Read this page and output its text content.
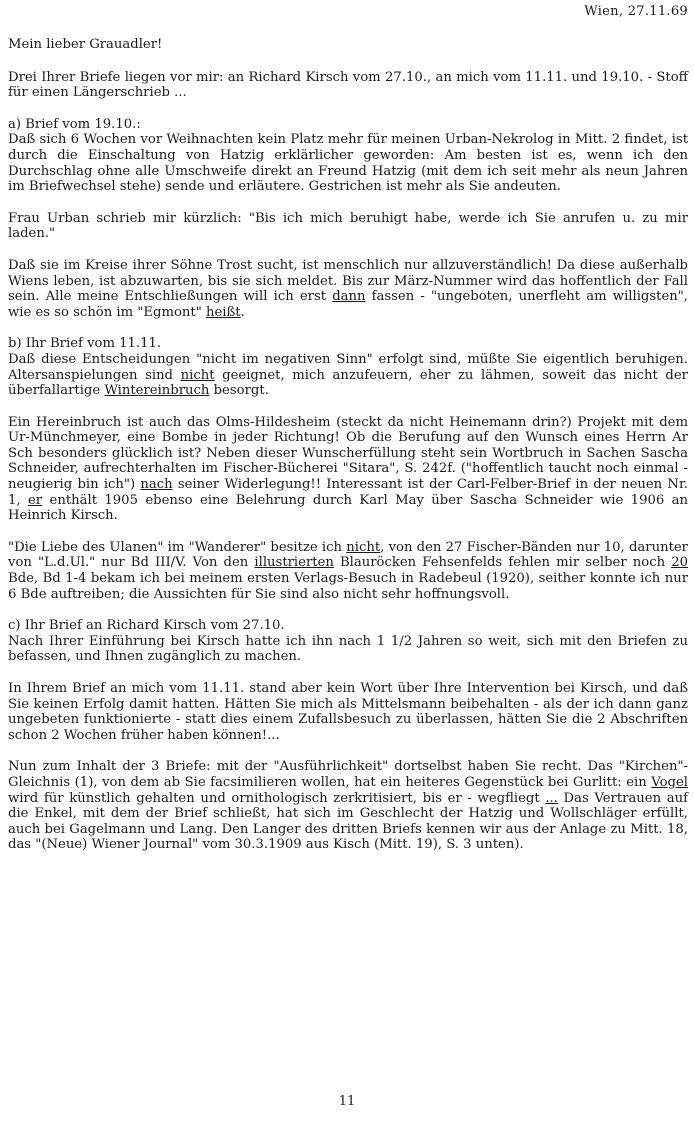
Wien, 27.11.69

Mein lieber Grauadler!

Drei Ihrer Briefe liegen vor mir: an Richard Kirsch vom 27.10., an mich vom 11.11. und 19.10. - Stoff für einen Längerschrieb ...

a) Brief vom 19.10.:

Daß sich 6 Wochen vor Weihnachten kein Platz mehr für meinen Urban-Nekrolog in Mitt. 2 findet, ist durch die Einschaltung von Hatzig erklärlicher geworden: Am besten ist es, wenn ich den Durchschlag ohne alle Umschweife direkt an Freund Hatzig (mit dem ich seit mehr als neun Jahren im Briefwechsel stehe) sende und erläutere. Gestrichen ist mehr als Sie andeuten.

Frau Urban schrieb mir kürzlich: "Bis ich mich beruhigt habe, werde ich Sie anrufen u. zu mir laden."

Daß sie im Kreise ihrer Söhne Trost sucht, ist menschlich nur allzuverständlich! Da diese außerhalb Wiens leben, ist abzuwarten, bis sie sich meldet. Bis zur März-Nummer wird das hoffentlich der Fall sein. Alle meine Entschließungen will ich erst dann fassen - "ungeboten, unerfleht am willigsten", wie es so schön im "Egmont" heißt.

b) Ihr Brief vom 11.11.

Daß diese Entscheidungen "nicht im negativen Sinn" erfolgt sind, müßte Sie eigentlich beruhigen. Altersanspielungen sind nicht geeignet, mich anzufeuern, eher zu lähmen, soweit das nicht der überfallartige Wintereinbruch besorgt.

Ein Hereinbruch ist auch das Olms-Hildesheim (steckt da nicht Heinemann drin?) Projekt mit dem Ur-Münchmeyer, eine Bombe in jeder Richtung! Ob die Berufung auf den Wunsch eines Herrn Ar Sch besonders glücklich ist? Neben dieser Wunscherfüllung steht sein Wortbruch in Sachen Sascha Schneider, aufrechterhalten im Fischer-Bücherei "Sitara", S. 242f. ("hoffentlich taucht noch einmal - neugierig bin ich") nach seiner Widerlegung!! Interessant ist der Carl-Felber-Brief in der neuen Nr. 1, er enthält 1905 ebenso eine Belehrung durch Karl May über Sascha Schneider wie 1906 an Heinrich Kirsch.

"Die Liebe des Ulanen" im "Wanderer" besitze ich nicht, von den 27 Fischer-Bänden nur 10, darunter von "L.d.Ul." nur Bd III/V. Von den illustrierten Blauröcken Fehsenfelds fehlen mir selber noch 20 Bde, Bd 1-4 bekam ich bei meinem ersten Verlags-Besuch in Radebeul (1920), seither konnte ich nur 6 Bde auftreiben; die Aussichten für Sie sind also nicht sehr hoffnungsvoll.

c) Ihr Brief an Richard Kirsch vom 27.10.

Nach Ihrer Einführung bei Kirsch hatte ich ihn nach 1 1/2 Jahren so weit, sich mit den Briefen zu befassen, und Ihnen zugänglich zu machen.

In Ihrem Brief an mich vom 11.11. stand aber kein Wort über Ihre Intervention bei Kirsch, und daß Sie keinen Erfolg damit hatten. Hätten Sie mich als Mittelsmann beibehalten - als der ich dann ganz ungebeten funktionierte - statt dies einem Zufallsbesuch zu überlassen, hätten Sie die 2 Abschriften schon 2 Wochen früher haben können!...

Nun zum Inhalt der 3 Briefe: mit der "Ausführlichkeit" dortselbst haben Sie recht. Das "Kirchen"-Gleichnis (1), von dem ab Sie facsimilieren wollen, hat ein heiteres Gegenstück bei Gurlitt: ein Vogel wird für künstlich gehalten und ornithologisch zerkritisiert, bis er - wegfliegt ... Das Vertrauen auf die Enkel, mit dem der Brief schließt, hat sich im Geschlecht der Hatzig und Wollschläger erfüllt, auch bei Gagelmann und Lang. Den Langer des dritten Briefs kennen wir aus der Anlage zu Mitt. 18, das "(Neue) Wiener Journal" vom 30.3.1909 aus Kisch (Mitt. 19), S. 3 unten).

11
